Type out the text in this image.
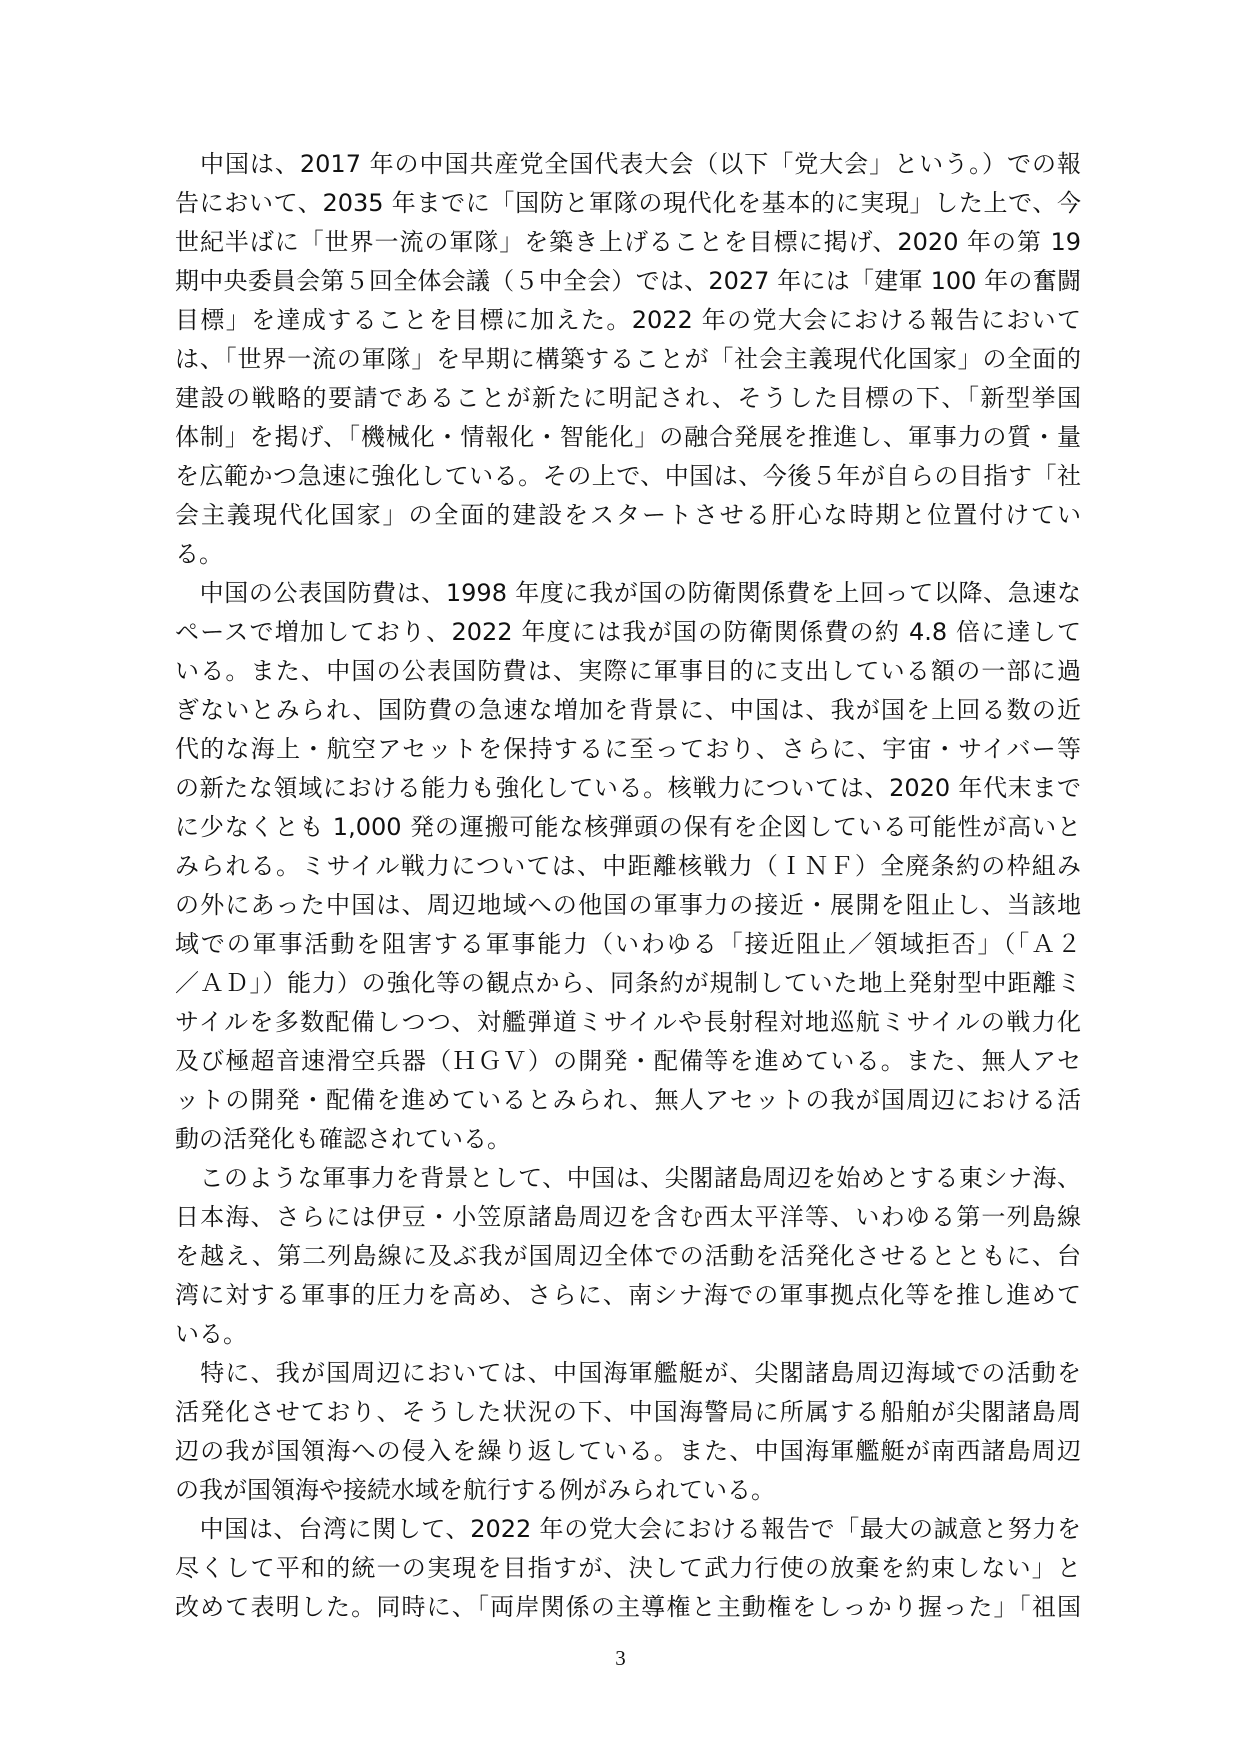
　中国は、2017 年の中国共産党全国代表大会（以下「党大会」という。）での報
告において、2035 年までに「国防と軍隊の現代化を基本的に実現」した上で、今
世紀半ばに「世界一流の軍隊」を築き上げることを目標に掲げ、2020 年の第 19
期中央委員会第５回全体会議（５中全会）では、2027 年には「建軍 100 年の奮闘
目標」を達成することを目標に加えた。2022 年の党大会における報告において
は、「世界一流の軍隊」を早期に構築することが「社会主義現代化国家」の全面的
建設の戦略的要請であることが新たに明記され、そうした目標の下、「新型挙国
体制」を掲げ、「機械化・情報化・智能化」の融合発展を推進し、軍事力の質・量
を広範かつ急速に強化している。その上で、中国は、今後５年が自らの目指す「社
会主義現代化国家」の全面的建設をスタートさせる肝心な時期と位置付けてい
る。
　中国の公表国防費は、1998 年度に我が国の防衛関係費を上回って以降、急速な
ペースで増加しており、2022 年度には我が国の防衛関係費の約 4.8 倍に達して
いる。また、中国の公表国防費は、実際に軍事目的に支出している額の一部に過
ぎないとみられ、国防費の急速な増加を背景に、中国は、我が国を上回る数の近
代的な海上・航空アセットを保持するに至っており、さらに、宇宙・サイバー等
の新たな領域における能力も強化している。核戦力については、2020 年代末まで
に少なくとも 1,000 発の運搬可能な核弾頭の保有を企図している可能性が高いと
みられる。ミサイル戦力については、中距離核戦力（ＩＮＦ）全廃条約の枠組み
の外にあった中国は、周辺地域への他国の軍事力の接近・展開を阻止し、当該地
域での軍事活動を阻害する軍事能力（いわゆる「接近阻止／領域拒否」（「Ａ２
／ＡＤ」）能力）の強化等の観点から、同条約が規制していた地上発射型中距離ミ
サイルを多数配備しつつ、対艦弾道ミサイルや長射程対地巡航ミサイルの戦力化
及び極超音速滑空兵器（ＨＧＶ）の開発・配備等を進めている。また、無人アセ
ットの開発・配備を進めているとみられ、無人アセットの我が国周辺における活
動の活発化も確認されている。
　このような軍事力を背景として、中国は、尖閣諸島周辺を始めとする東シナ海、
日本海、さらには伊豆・小笠原諸島周辺を含む西太平洋等、いわゆる第一列島線
を越え、第二列島線に及ぶ我が国周辺全体での活動を活発化させるとともに、台
湾に対する軍事的圧力を高め、さらに、南シナ海での軍事拠点化等を推し進めて
いる。
　特に、我が国周辺においては、中国海軍艦艇が、尖閣諸島周辺海域での活動を
活発化させており、そうした状況の下、中国海警局に所属する船舶が尖閣諸島周
辺の我が国領海への侵入を繰り返している。また、中国海軍艦艇が南西諸島周辺
の我が国領海や接続水域を航行する例がみられている。
　中国は、台湾に関して、2022 年の党大会における報告で「最大の誠意と努力を
尽くして平和的統一の実現を目指すが、決して武力行使の放棄を約束しない」と
改めて表明した。同時に、「両岸関係の主導権と主動権をしっかり握った」「祖国
3
